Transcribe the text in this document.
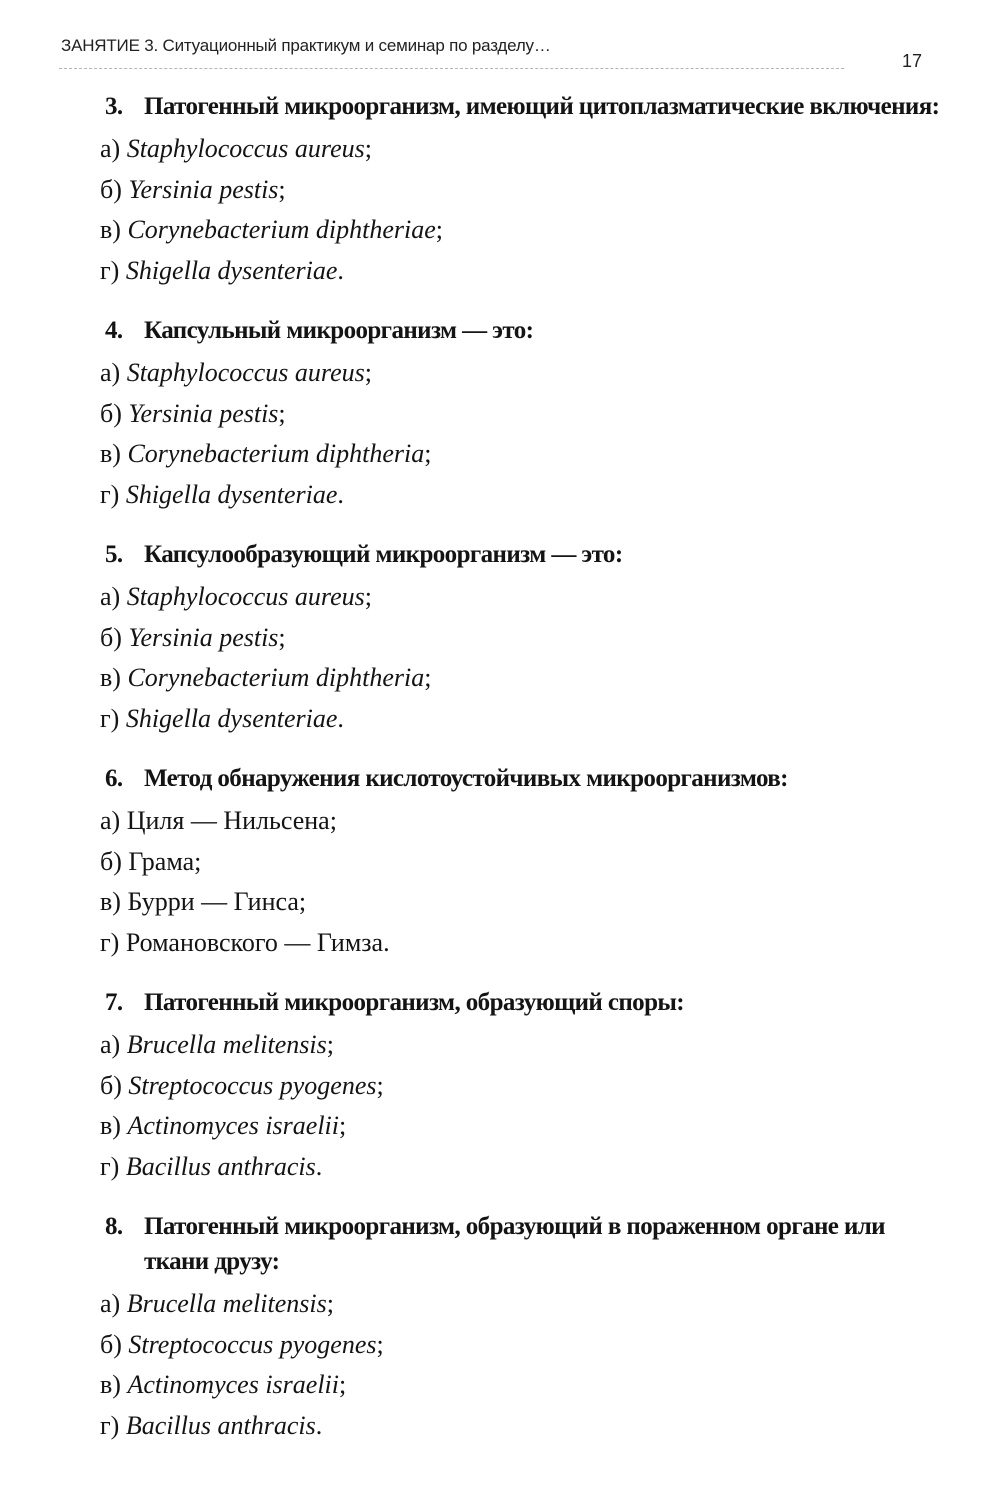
ЗАНЯТИЕ 3. Ситуационный практикум и семинар по разделу…
17
3. Патогенный микроорганизм, имеющий цитоплазматические включения:
а) Staphylococcus aureus;
б) Yersinia pestis;
в) Corynebacterium diphtheriae;
г) Shigella dysenteriae.
4. Капсульный микроорганизм — это:
а) Staphylococcus aureus;
б) Yersinia pestis;
в) Corynebacterium diphtheria;
г) Shigella dysenteriae.
5. Капсулообразующий микроорганизм — это:
а) Staphylococcus aureus;
б) Yersinia pestis;
в) Corynebacterium diphtheria;
г) Shigella dysenteriae.
6. Метод обнаружения кислотоустойчивых микроорганизмов:
а) Циля — Нильсена;
б) Грама;
в) Бурри — Гинса;
г) Романовского — Гимза.
7. Патогенный микроорганизм, образующий споры:
а) Brucella melitensis;
б) Streptococcus pyogenes;
в) Actinomyces israelii;
г) Bacillus anthracis.
8. Патогенный микроорганизм, образующий в пораженном органе или ткани друзу:
а) Brucella melitensis;
б) Streptococcus pyogenes;
в) Actinomyces israelii;
г) Bacillus anthracis.
